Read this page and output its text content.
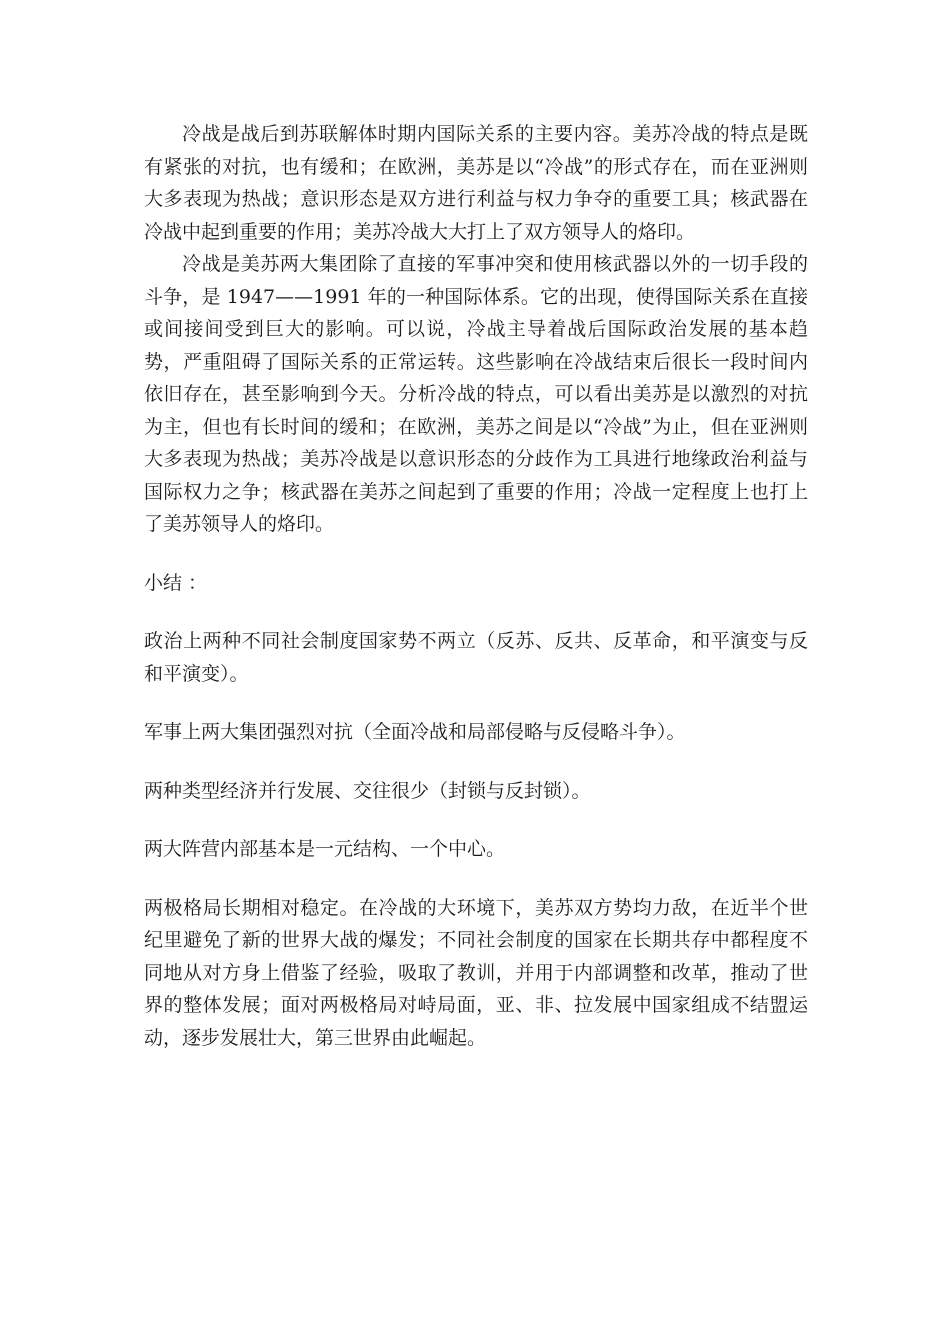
冷战是战后到苏联解体时期内国际关系的主要内容。美苏冷战的特点是既有紧张的对抗，也有缓和；在欧洲，美苏是以“冷战”的形式存在，而在亚洲则大多表现为热战；意识形态是双方进行利益与权力争夺的重要工具；核武器在冷战中起到重要的作用；美苏冷战大大打上了双方领导人的烙印。

冷战是美苏两大集团除了直接的军事冲突和使用核武器以外的一切手段的斗争，是 1947——1991 年的一种国际体系。它的出现，使得国际关系在直接或间接间受到巨大的影响。可以说，冷战主导着战后国际政治发展的基本趋势，严重阻碍了国际关系的正常运转。这些影响在冷战结束后很长一段时间内依旧存在，甚至影响到今天。分析冷战的特点，可以看出美苏是以激烈的对抗为主，但也有长时间的缓和；在欧洲，美苏之间是以“冷战”为止，但在亚洲则大多表现为热战；美苏冷战是以意识形态的分歧作为工具进行地缘政治利益与国际权力之争；核武器在美苏之间起到了重要的作用；冷战一定程度上也打上了美苏领导人的烙印。

小结 ：

政治上两种不同社会制度国家势不两立（反苏、反共、反革命，和平演变与反和平演变）。

军事上两大集团强烈对抗（全面冷战和局部侵略与反侵略斗争）。

两种类型经济并行发展、交往很少（封锁与反封锁）。

两大阵营内部基本是一元结构、一个中心。

两极格局长期相对稳定。在冷战的大环境下，美苏双方势均力敌，在近半个世纪里避免了新的世界大战的爆发；不同社会制度的国家在长期共存中都程度不同地从对方身上借鉴了经验，吸取了教训，并用于内部调整和改革，推动了世界的整体发展；面对两极格局对峙局面，亚、非、拉发展中国家组成不结盟运动，逐步发展壮大，第三世界由此崛起。
